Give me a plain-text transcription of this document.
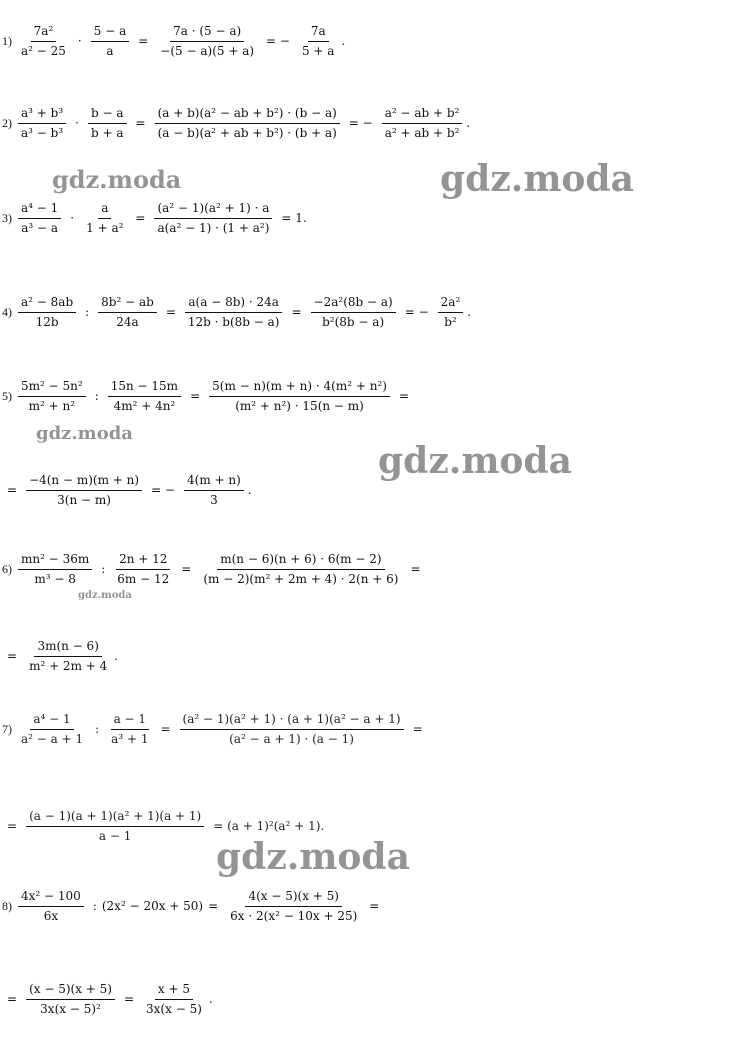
$1) \frac{\text{7a²}}{\text{a² − 25}} \cdot \frac{5 - a}{a} = \frac{7a \cdot (5 - a)}{-(5 - a)(5 + a)}$ = − $\frac{7a}{5 + a}$ .
$2) \frac{\text{a³ + b³}}{\text{a³ − b³}} \cdot \frac{b - a}{b + a} = \frac{\text{(a + b)(a² − ab + b²) · (b − a)}}{\text{(a − b)(a² + ab + b²) · (b + a)}}$ = − $\frac{\text{a² − ab + b²}}{\text{a² + ab + b²}}$ .
$3) \frac{\text{a⁴ − 1}}{\text{a³ − a}} \cdot \frac{a}{\text{1 + a²}} = \frac{\text{(a² − 1)(a² + 1) · a}}{\text{a(a² − 1) · (1 + a²)}} = 1$.
$4) \frac{\text{a² − 8ab}}{12b}$ : $\frac{\text{8b² − ab}}{24a} = \frac{a(a - 8b) \cdot 24a}{12b \cdot b(8b - a)} = \frac{\text{−2a²(8b − a)}}{\text{b²(8b − a)}}$ = − $\frac{\text{2a²}}{\text{b²}}$ .
$5) \frac{\text{5m² − 5n²}}{\text{m² + n²}}$ : $\frac{15n - 15m}{\text{4m² + 4n²}} = \frac{\text{5(m − n)(m + n) · 4(m² + n²)}}{\text{(m² + n²) · 15(n − m)}}$ =
= $\frac{-4(n - m)(m + n)}{3(n - m)}$ = − $\frac{4(m + n)}{3}$ .
$6) \frac{\text{mn² − 36m}}{\text{m³ − 8}}$ : $\frac{2n + 12}{6m - 12} = \frac{m(n - 6)(n + 6) \cdot 6(m - 2)}{\text{(m − 2)(m² + 2m + 4) · 2(n + 6)}}$ =
= $\frac{3m(n - 6)}{\text{m² + 2m + 4}}$ .
$7) \frac{\text{a⁴ − 1}}{\text{a² − a + 1}}$ : $\frac{a - 1}{\text{a³ + 1}} = \frac{\text{(a² − 1)(a² + 1) · (a + 1)(a² − a + 1)}}{\text{(a² − a + 1) · (a − 1)}}$ =
= $\frac{\text{(a − 1)(a + 1)(a² + 1)(a + 1)}}{a - 1} = (a + 1)^2(a^2 + 1)$.
$8) \frac{\text{4x² − 100}}{6x}$ : $(2x^2 - 20x + 50) = \frac{4(x - 5)(x + 5)}{\text{6x · 2(x² − 10x + 25)}}$ =
= $\frac{(x - 5)(x + 5)}{\text{3x(x − 5)²}} = \frac{x + 5}{3x(x - 5)}$ .
gdz.moda	gdz.moda
gdz.moda
gdz.moda
gdz.moda
gdz.moda
